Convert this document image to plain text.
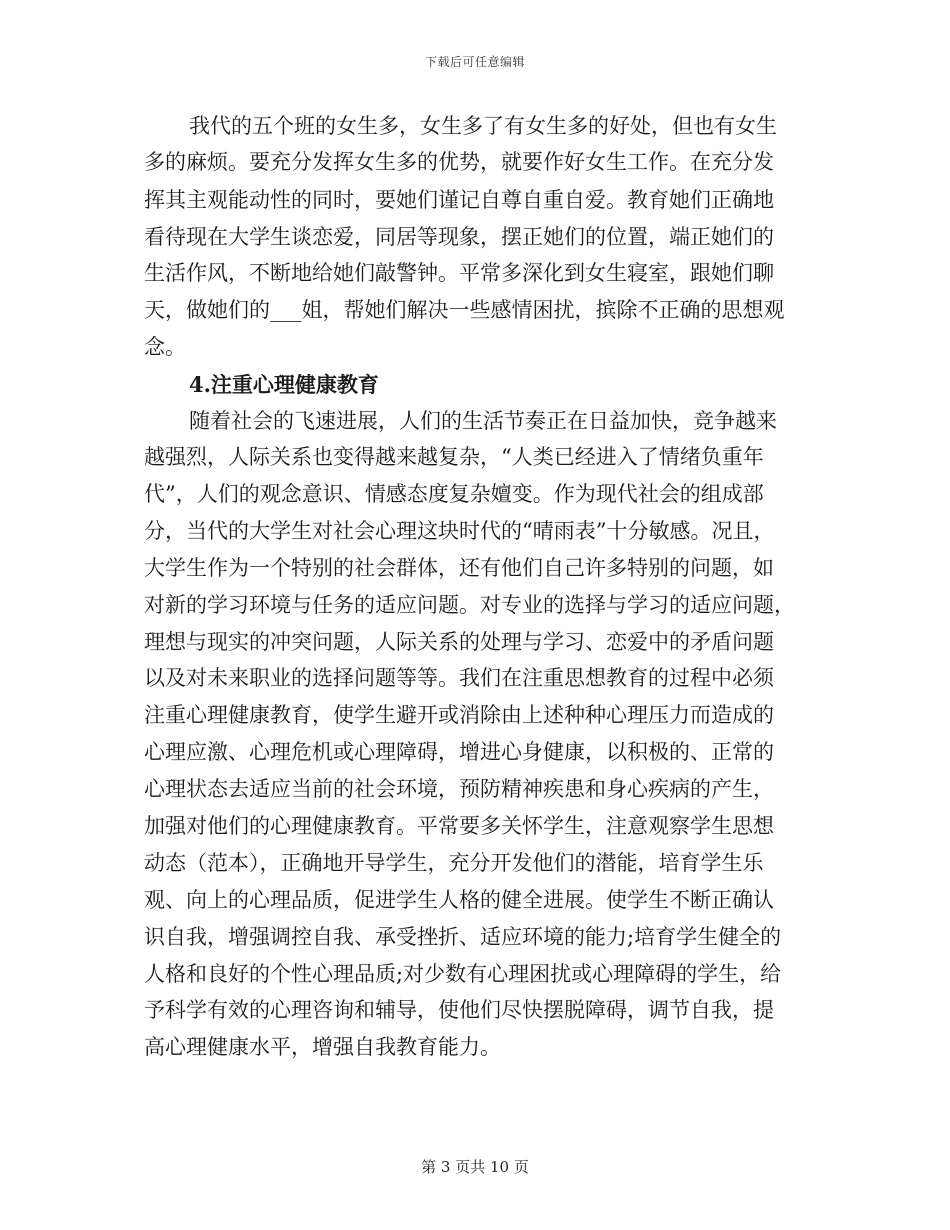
下载后可任意编辑
我代的五个班的女生多，女生多了有女生多的好处，但也有女生
多的麻烦。要充分发挥女生多的优势，就要作好女生工作。在充分发
挥其主观能动性的同时，要她们谨记自尊自重自爱。教育她们正确地
看待现在大学生谈恋爱，同居等现象，摆正她们的位置，端正她们的
生活作风，不断地给她们敲警钟。平常多深化到女生寝室，跟她们聊
天，做她们的___姐，帮她们解决一些感情困扰，摈除不正确的思想观
念。
4.注重心理健康教育
随着社会的飞速进展，人们的生活节奏正在日益加快，竞争越来
越强烈，人际关系也变得越来越复杂，“人类已经进入了情绪负重年
代”，人们的观念意识、情感态度复杂嬗变。作为现代社会的组成部
分，当代的大学生对社会心理这块时代的“晴雨表”十分敏感。况且，
大学生作为一个特别的社会群体，还有他们自己许多特别的问题，如
对新的学习环境与任务的适应问题。对专业的选择与学习的适应问题，
理想与现实的冲突问题，人际关系的处理与学习、恋爱中的矛盾问题
以及对未来职业的选择问题等等。我们在注重思想教育的过程中必须
注重心理健康教育，使学生避开或消除由上述种种心理压力而造成的
心理应激、心理危机或心理障碍，增进心身健康，以积极的、正常的
心理状态去适应当前的社会环境，预防精神疾患和身心疾病的产生，
加强对他们的心理健康教育。平常要多关怀学生，注意观察学生思想
动态（范本），正确地开导学生，充分开发他们的潜能，培育学生乐
观、向上的心理品质，促进学生人格的健全进展。使学生不断正确认
识自我，增强调控自我、承受挫折、适应环境的能力;培育学生健全的
人格和良好的个性心理品质;对少数有心理困扰或心理障碍的学生，给
予科学有效的心理咨询和辅导，使他们尽快摆脱障碍，调节自我，提
高心理健康水平，增强自我教育能力。
第 3 页共 10 页
